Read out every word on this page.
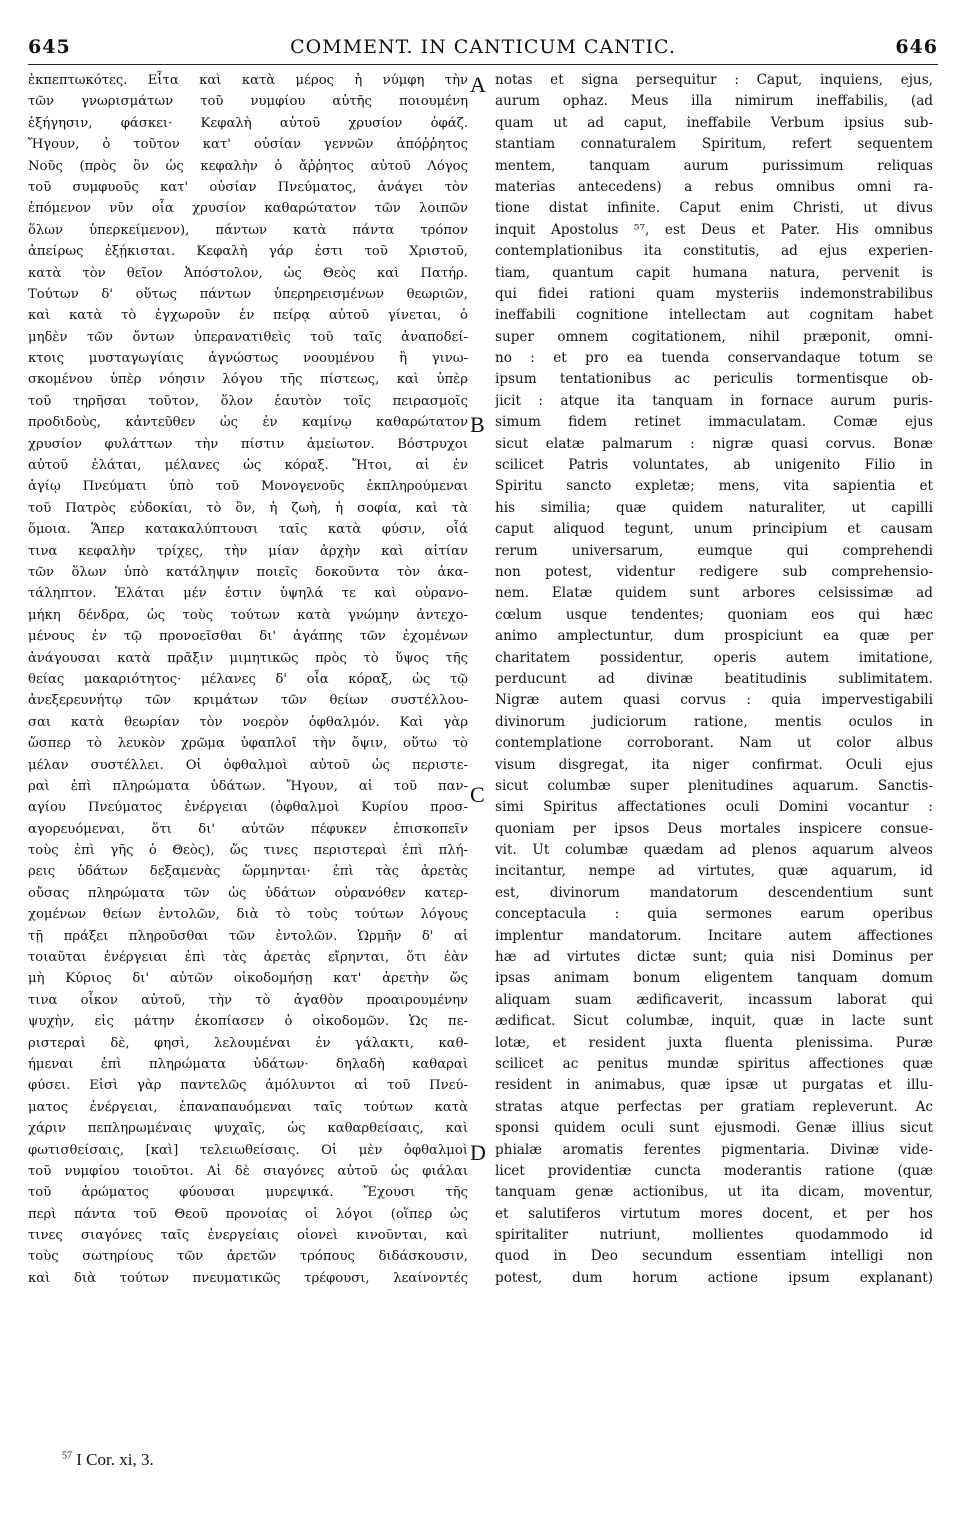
645	COMMENT. IN CANTICUM CANTIC.	646
ἐκπεπτωκότες. Εἶτα καὶ κατὰ μέρος ἡ νύμφη τὴν
τῶν γνωρισμάτων τοῦ νυμφίου αὐτῆς ποιουμένη
ἐξήγησιν, φάσκει· Κεφαλὴ αὐτοῦ χρυσίον ὀφάζ.
Ἤγουν, ὁ τοῦτον κατ' οὐσίαν γεννῶν ἀπόῤῥητος
Νοῦς (πρὸς ὃν ὡς κεφαλὴν ὁ ἄῤῥητος αὐτοῦ Λόγος
τοῦ συμφυοῦς κατ' οὐσίαν Πνεύματος, ἀνάγει τὸν
ἑπόμενον νῦν οἷα χρυσίον καθαρώτατον τῶν λοιπῶν
ὅλων ὑπερκείμενον), πάντων κατὰ πάντα τρόπον
ἀπείρως ἐξῄκισται. Κεφαλὴ γάρ ἐστι τοῦ Χριστοῦ,
κατὰ τὸν θεῖον Ἀπόστολον, ὡς Θεὸς καὶ Πατήρ.
Τούτων δ' οὕτως πάντων ὑπερηρεισμένων θεωριῶν,
καὶ κατὰ τὸ ἐγχωροῦν ἐν πείρᾳ αὐτοῦ γίνεται, ὁ
μηδὲν τῶν ὄντων ὑπερανατιθεὶς τοῦ ταῖς ἀναποδεί-
κτοις μυσταγωγίαις ἀγνώστως νοουμένου ἢ γινω-
σκομένου ὑπὲρ νόησιν λόγου τῆς πίστεως, καὶ ὑπὲρ
τοῦ τηρῆσαι τοῦτον, ὅλον ἑαυτὸν τοῖς πειρασμοῖς
προδιδοὺς, κἀντεῦθεν ὡς ἐν καμίνῳ καθαρώτατον
χρυσίον φυλάττων τὴν πίστιν ἀμείωτον. Βόστρυχοι
αὐτοῦ ἐλάται, μέλανες ὡς κόραξ. Ἤτοι, αἱ ἐν
ἁγίῳ Πνεύματι ὑπὸ τοῦ Μονογενοῦς ἐκπληρούμεναι
τοῦ Πατρὸς εὐδοκίαι, τὸ ὂν, ἡ ζωὴ, ἡ σοφία, καὶ τὰ
ὅμοια. Ἅπερ κατακαλύπτουσι ταῖς κατὰ φύσιν, οἷά
τινα κεφαλὴν τρίχες, τὴν μίαν ἀρχὴν καὶ αἰτίαν
τῶν ὅλων ὑπὸ κατάληψιν ποιεῖς δοκοῦντα τὸν ἀκα-
τάληπτον. Ἐλάται μέν ἐστιν ὑψηλά τε καὶ οὐρανο-
μήκη δένδρα, ὡς τοὺς τούτων κατὰ γνώμην ἀντεχο-
μένους ἐν τῷ προνοεῖσθαι δι' ἀγάπης τῶν ἐχομένων
ἀνάγουσαι κατὰ πρᾶξιν μιμητικῶς πρὸς τὸ ὕψος τῆς
θείας μακαριότητος· μέλανες δ' οἷα κόραξ, ὡς τῷ
ἀνεξερευνήτῳ τῶν κριμάτων τῶν θείων συστέλλου-
σαι κατὰ θεωρίαν τὸν νοερὸν ὀφθαλμόν. Καὶ γὰρ
ὥσπερ τὸ λευκὸν χρῶμα ὑφαπλοῖ τὴν ὄψιν, οὕτω τὸ
μέλαν συστέλλει. Οἱ ὀφθαλμοὶ αὐτοῦ ὡς περιστε-
ραὶ ἐπὶ πληρώματα ὑδάτων. Ἤγουν, αἱ τοῦ παν-
αγίου Πνεύματος ἐνέργειαι (ὀφθαλμοὶ Κυρίου προσ-
αγορευόμεναι, ὅτι δι' αὐτῶν πέφυκεν ἐπισκοπεῖν
τοὺς ἐπὶ γῆς ὁ Θεὸς), ὥς τινες περιστεραὶ ἐπὶ πλή-
ρεις ὑδάτων δεξαμενὰς ὥρμηνται· ἐπὶ τὰς ἀρετὰς
οὔσας πληρώματα τῶν ὡς ὑδάτων οὐρανόθεν κατερ-
χομένων θείων ἐντολῶν, διὰ τὸ τοὺς τούτων λόγους
τῇ πράξει πληροῦσθαι τῶν ἐντολῶν. Ὡρμῆν δ' αἱ
τοιαῦται ἐνέργειαι ἐπὶ τὰς ἀρετὰς εἴρηνται, ὅτι ἐὰν
μὴ Κύριος δι' αὐτῶν οἰκοδομήσῃ κατ' ἀρετὴν ὥς
τινα οἶκον αὐτοῦ, τὴν τὸ ἀγαθὸν προαιρουμένην
ψυχὴν, εἰς μάτην ἐκοπίασεν ὁ οἰκοδομῶν. Ὡς πε-
ριστεραὶ δὲ, φησὶ, λελουμέναι ἐν γάλακτι, καθ-
ήμεναι ἐπὶ πληρώματα ὑδάτων· δηλαδὴ καθαραὶ
φύσει. Εἰσὶ γὰρ παντελῶς ἀμόλυντοι αἱ τοῦ Πνεύ-
ματος ἐνέργειαι, ἐπαναπαυόμεναι ταῖς τούτων κατὰ
χάριν πεπληρωμέναις ψυχαῖς, ὡς καθαρθείσαις, καὶ
φωτισθείσαις, [καὶ] τελειωθείσαις. Οἱ μὲν ὀφθαλμοὶ
τοῦ νυμφίου τοιοῦτοι. Αἱ δὲ σιαγόνες αὐτοῦ ὡς φιάλαι
τοῦ ἀρώματος φύουσαι μυρεψικά. Ἔχουσι τῆς
περὶ πάντα τοῦ Θεοῦ προνοίας οἱ λόγοι (οἵπερ ὡς
τινες σιαγόνες ταῖς ἐνεργείαις οἱονεὶ κινοῦνται, καὶ
τοὺς σωτηρίους τῶν ἀρετῶν τρόπους διδάσκουσιν,
καὶ διὰ τούτων πνευματικῶς τρέφουσι, λεαίνοντές
notas et signa persequitur : Caput, inquiens, ejus,
aurum ophaz. Meus illa nimirum ineffabilis, (ad
quam ut ad caput, ineffabile Verbum ipsius sub-
stantiam connaturalem Spiritum, refert sequentem
mentem, tanquam aurum purissimum reliquas
materias antecedens) a rebus omnibus omni ra-
tione distat infinite. Caput enim Christi, ut divus
inquit Apostolus ⁵⁷, est Deus et Pater. His omnibus
contemplationibus ita constitutis, ad ejus experien-
tiam, quantum capit humana natura, pervenit is
qui fidei rationi quam mysteriis indemonstrabilibus
ineffabili cognitione intellectam aut cognitam habet
super omnem cogitationem, nihil præponit, omni-
no : et pro ea tuenda conservandaque totum se
ipsum tentationibus ac periculis tormentisque ob-
jicit : atque ita tanquam in fornace aurum puris-
simum fidem retinet immaculatam. Comæ ejus
sicut elatæ palmarum : nigræ quasi corvus. Bonæ
scilicet Patris voluntates, ab unigenito Filio in
Spiritu sancto expletæ; mens, vita sapientia et
his similia; quæ quidem naturaliter, ut capilli
caput aliquod tegunt, unum principium et causam
rerum universarum, eumque qui comprehendi
non potest, videntur redigere sub comprehensio-
nem. Elatæ quidem sunt arbores celsissimæ ad
cœlum usque tendentes; quoniam eos qui hæc
animo amplectuntur, dum prospiciunt ea quæ per
charitatem possidentur, operis autem imitatione,
perducunt ad divinæ beatitudinis sublimitatem.
Nigræ autem quasi corvus : quia impervestigabili
divinorum judiciorum ratione, mentis oculos in
contemplatione corroborant. Nam ut color albus
visum disgregat, ita niger confirmat. Oculi ejus
sicut columbæ super plenitudines aquarum. Sanctis-
simi Spiritus affectationes oculi Domini vocantur :
quoniam per ipsos Deus mortales inspicere consue-
vit. Ut columbæ quædam ad plenos aquarum alveos
incitantur, nempe ad virtutes, quæ aquarum, id
est, divinorum mandatorum descendentium sunt
conceptacula : quia sermones earum operibus
implentur mandatorum. Incitare autem affectiones
hæ ad virtutes dictæ sunt; quia nisi Dominus per
ipsas animam bonum eligentem tanquam domum
aliquam suam ædificaverit, incassum laborat qui
ædificat. Sicut columbæ, inquit, quæ in lacte sunt
lotæ, et resident juxta fluenta plenissima. Puræ
scilicet ac penitus mundæ spiritus affectiones quæ
resident in animabus, quæ ipsæ ut purgatas et illu-
stratas atque perfectas per gratiam repleverunt. Ac
sponsi quidem oculi sunt ejusmodi. Genæ illius sicut
phialæ aromatis ferentes pigmentaria. Divinæ vide-
licet providentiæ cuncta moderantis ratione (quæ
tanquam genæ actionibus, ut ita dicam, moventur,
et salutiferos virtutum mores docent, et per hos
spiritaliter nutriunt, mollientes quodammodo id
quod in Deo secundum essentiam intelligi non
potest, dum horum actione ipsum explanant)
A
B
C
D
$^{57}$ I Cor. xi, 3.
